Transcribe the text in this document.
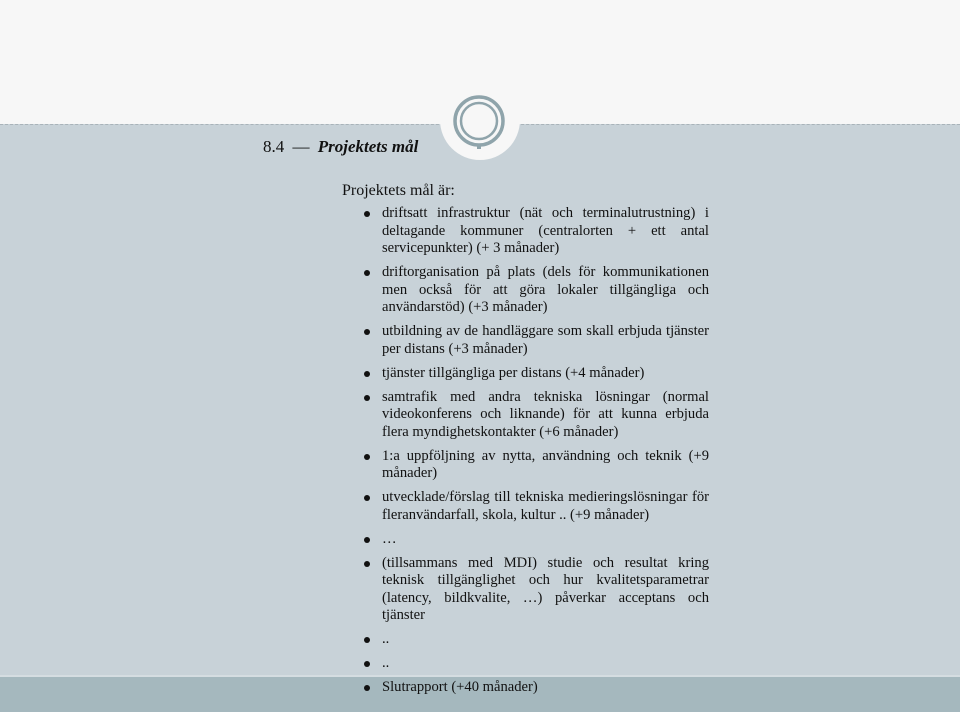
8.4 — Projektets mål
Projektets mål är:
driftsatt infrastruktur (nät och terminalutrustning) i deltagande kommuner (centralorten + ett antal servicepunkter) (+ 3 månader)
driftorganisation på plats (dels för kommunikationen men också för att göra lokaler tillgängliga och användarstöd) (+3 månader)
utbildning av de handläggare som skall erbjuda tjänster per distans (+3 månader)
tjänster tillgängliga per distans (+4 månader)
samtrafik med andra tekniska lösningar (normal videokonferens och liknande) för att kunna erbjuda flera myndighetskontakter (+6 månader)
1:a uppföljning av nytta, användning och teknik (+9 månader)
utvecklade/förslag till tekniska medieringslösningar för fleranvändarfall, skola, kultur .. (+9 månader)
…
(tillsammans med MDI) studie och resultat kring teknisk tillgänglighet och hur kvalitetsparametrar (latency, bildkvalite, …) påverkar acceptans och tjänster
..
..
Slutrapport (+40 månader)
